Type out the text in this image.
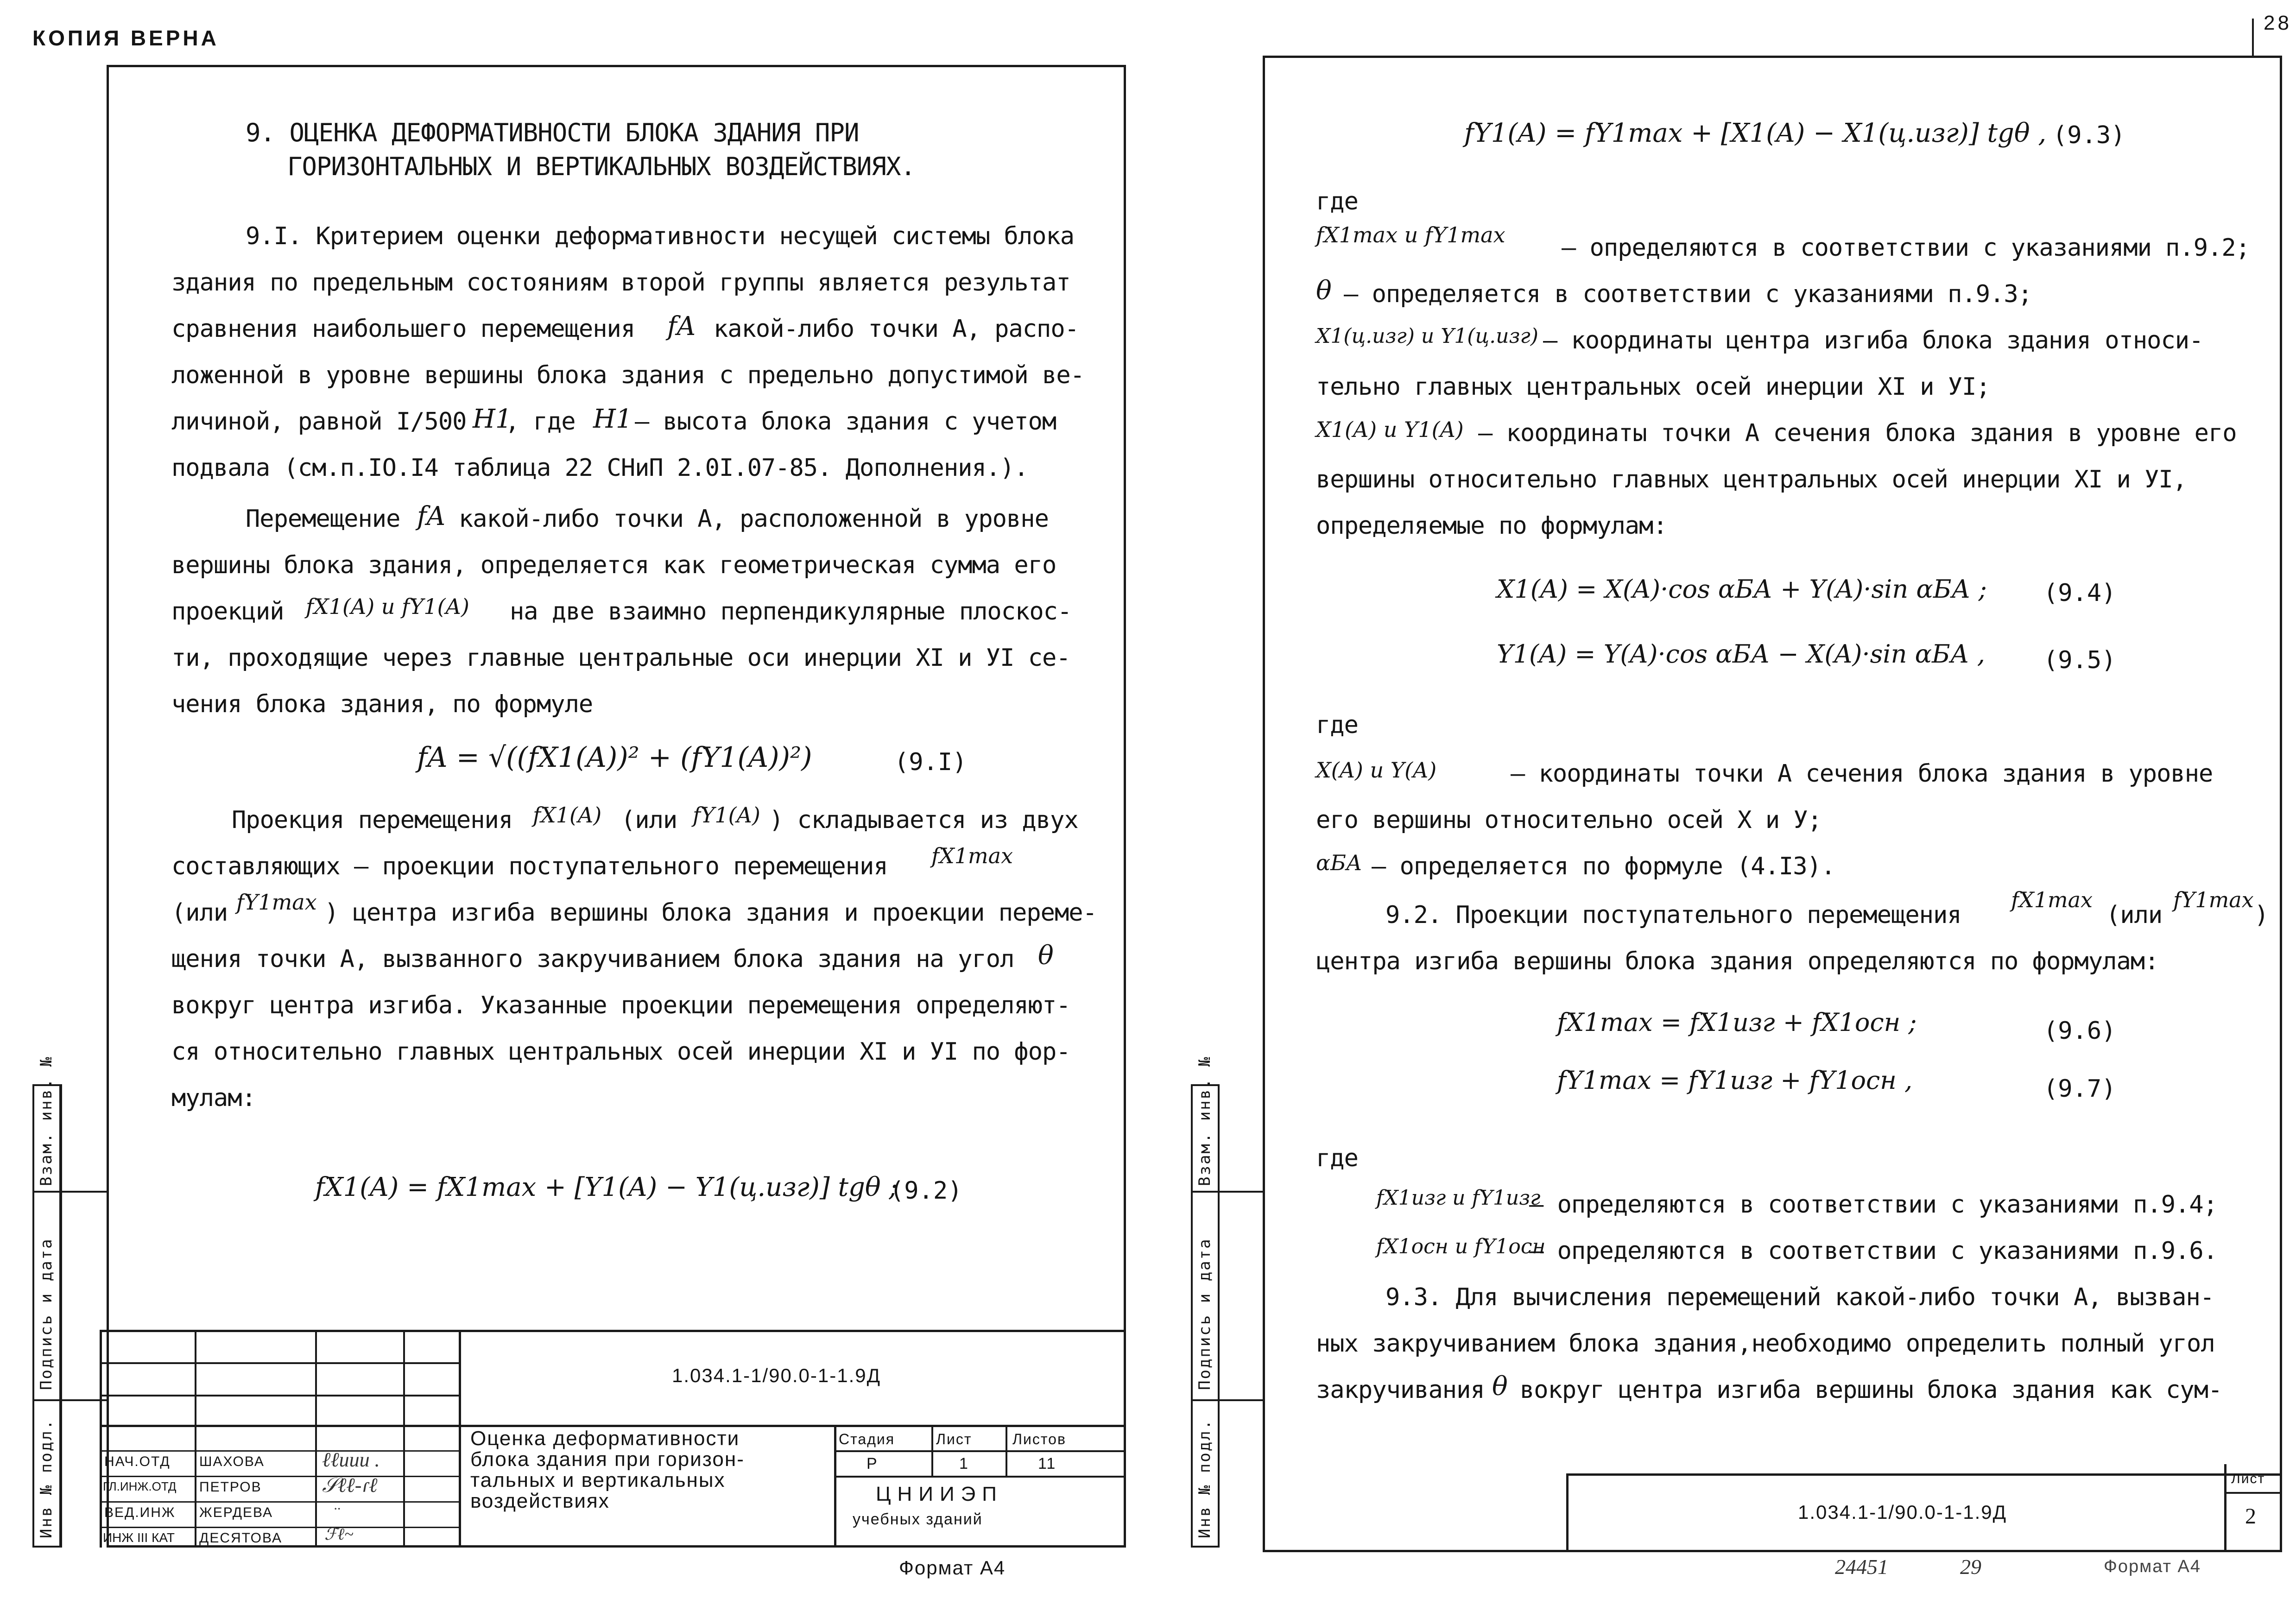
КОПИЯ ВЕРНА
28
Взам. инв. №
Подпись и дата
Инв № подл.
9. ОЦЕНКА ДЕФОРМАТИВНОСТИ БЛОКА ЗДАНИЯ ПРИ
ГОРИЗОНТАЛЬНЫХ И ВЕРТИКАЛЬНЫХ ВОЗДЕЙСТВИЯХ.
9.I. Критерием оценки деформативности несущей системы блока
здания по предельным состояниям второй группы является результат
сравнения наибольшего перемещения fA какой-либо точки А, распо-
ложенной в уровне вершины блока здания с предельно допустимой ве-
личиной, равной I/500 H1
, где H1 – высота блока здания с учетом
подвала (см.п.IO.I4 таблица 22 СНиП 2.0I.07-85. Дополнения.).
Перемещение fA какой-либо точки А, расположенной в уровне
вершины блока здания, определяется как геометрическая сумма его
проекций fX1(A) и fY1(A) на две взаимно перпендикулярные плоскос-
ти, проходящие через главные центральные оси инерции XI и УI се-
чения блока здания, по формуле
fA = √((fX1(A))² + (fY1(A))²)	(9.I)
Проекция перемещения fX1(A) (или fY1(A) ) складывается из двух
составляющих – проекции поступательного перемещения fX1max
(или fY1max ) центра изгиба вершины блока здания и проекции переме-
щения точки А, вызванного закручиванием блока здания на угол θ
вокруг центра изгиба. Указанные проекции перемещения определяют-
ся относительно главных центральных осей инерции XI и УI по фор-
мулам:
fX1(A) = fX1max + [Y1(A) − Y1(ц.изг)] tgθ ;
(9.2)
1.034.1-1/90.0-1-1.9Д
Оценка деформативности
блока здания при горизон-
тальных и вертикальных
воздействиях
Стадия	Лист	Листов
Р	1	11
ЦНИИЭП
учебных зданий
НАЧ.ОТД ШАХОВА
ГЛ.ИНЖ.ОТД ПЕТРОВ
ВЕД.ИНЖ ЖЕРДЕВА
ИНЖ III КАТ ДЕСЯТОВА
ℓℓuuu .
𝒮ℓℓ-ɾℓ
··
ℱℓ~
Формат А4
Взам. инв. №
Подпись и дата
Инв № подл.
fY1(A) = fY1max + [X1(A) − X1(ц.изг)] tgθ , (9.3)
где
fX1max и fY1max – определяются в соответствии с указаниями п.9.2;
θ – определяется в соответствии с указаниями п.9.3;
X1(ц.изг) и Y1(ц.изг) – координаты центра изгиба блока здания относи-
тельно главных центральных осей инерции XI и УI;
X1(A) и Y1(A) – координаты точки А сечения блока здания в уровне его
вершины относительно главных центральных осей инерции XI и УI,
определяемые по формулам:
X1(A) = X(A)·cos αБА + Y(A)·sin αБА ; (9.4)
Y1(A) = Y(A)·cos αБА − X(A)·sin αБА , (9.5)
где
X(A) и Y(A)	– координаты точки А сечения блока здания в уровне
его вершины относительно осей Х и У;
αБА – определяется по формуле (4.I3).
9.2. Проекции поступательного перемещения
fX1max
(или
fY1max
)
центра изгиба вершины блока здания определяются по формулам:
fX1max = fX1изг + fX1осн ;	(9.6)
fY1max = fY1изг + fY1осн ,	(9.7)
где
fX1изг и fY1изг
– определяются в соответствии с указаниями п.9.4;
fX1осн и fY1осн
– определяются в соответствии с указаниями п.9.6.
9.3. Для вычисления перемещений какой-либо точки А, вызван-
ных закручиванием блока здания,необходимо определить полный угол
закручивания θ вокруг центра изгиба вершины блока здания как сум-
1.034.1-1/90.0-1-1.9Д
Лист
2
24451	29	Формат А4
